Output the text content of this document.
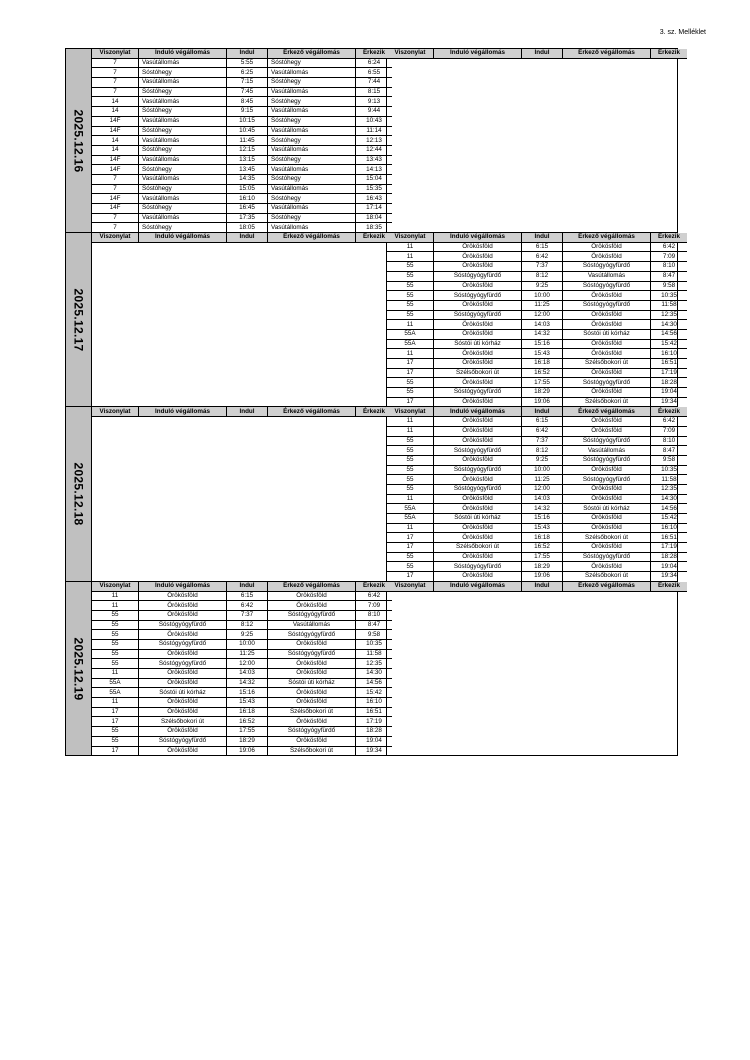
3. sz. Melléklet
2025.12.16
Viszonylat	Induló végállomás	Indul	Érkező végállomás	Érkezik
7	Vasútállomás	5:55	Sóstóhegy	6:24
7	Sóstóhegy	6:25	Vasútállomás	6:55
7	Vasútállomás	7:15	Sóstóhegy	7:44
7	Sóstóhegy	7:45	Vasútállomás	8:15
14	Vasútállomás	8:45	Sóstóhegy	9:13
14	Sóstóhegy	9:15	Vasútállomás	9:44
14F	Vasútállomás	10:15	Sóstóhegy	10:43
14F	Sóstóhegy	10:45	Vasútállomás	11:14
14	Vasútállomás	11:45	Sóstóhegy	12:13
14	Sóstóhegy	12:15	Vasútállomás	12:44
14F	Vasútállomás	13:15	Sóstóhegy	13:43
14F	Sóstóhegy	13:45	Vasútállomás	14:13
7	Vasútállomás	14:35	Sóstóhegy	15:04
7	Sóstóhegy	15:05	Vasútállomás	15:35
14F	Vasútállomás	16:10	Sóstóhegy	16:43
14F	Sóstóhegy	16:45	Vasútállomás	17:14
7	Vasútállomás	17:35	Sóstóhegy	18:04
7	Sóstóhegy	18:05	Vasútállomás	18:35
Viszonylat	Induló végállomás	Indul	Érkező végállomás	Érkezik
2025.12.17
Viszonylat	Induló végállomás	Indul	Érkező végállomás	Érkezik Viszonylat	Induló végállomás	Indul	Érkező végállomás	Érkezik
11	Örökösföld	6:15	Örökösföld	6:42
11	Örökösföld	6:42	Örökösföld	7:09
55	Örökösföld	7:37	Sóstógyógyfürdő	8:10
55	Sóstógyógyfürdő	8:12	Vasútállomás	8:47
55	Örökösföld	9:25	Sóstógyógyfürdő	9:58
55	Sóstógyógyfürdő	10:00	Örökösföld	10:35
55	Örökösföld	11:25	Sóstógyógyfürdő	11:58
55	Sóstógyógyfürdő	12:00	Örökösföld	12:35
11	Örökösföld	14:03	Örökösföld	14:30
55A	Örökösföld	14:32	Sóstói úti kórház	14:56
55A	Sóstói úti kórház	15:16	Örökösföld	15:42
11	Örökösföld	15:43	Örökösföld	16:10
17	Örökösföld	16:18	Szélsőbokori út	16:51
17	Szélsőbokori út	16:52	Örökösföld	17:19
55	Örökösföld	17:55	Sóstógyógyfürdő	18:28
55	Sóstógyógyfürdő	18:29	Örökösföld	19:04
17	Örökösföld	19:06	Szélsőbokori út	19:34
2025.12.18
Viszonylat	Induló végállomás	Indul	Érkező végállomás	Érkezik Viszonylat	Induló végállomás	Indul	Érkező végállomás	Érkezik
11	Örökösföld	6:15	Örökösföld	6:42
11	Örökösföld	6:42	Örökösföld	7:09
55	Örökösföld	7:37	Sóstógyógyfürdő	8:10
55	Sóstógyógyfürdő	8:12	Vasútállomás	8:47
55	Örökösföld	9:25	Sóstógyógyfürdő	9:58
55	Sóstógyógyfürdő	10:00	Örökösföld	10:35
55	Örökösföld	11:25	Sóstógyógyfürdő	11:58
55	Sóstógyógyfürdő	12:00	Örökösföld	12:35
11	Örökösföld	14:03	Örökösföld	14:30
55A	Örökösföld	14:32	Sóstói úti kórház	14:56
55A	Sóstói úti kórház	15:16	Örökösföld	15:42
11	Örökösföld	15:43	Örökösföld	16:10
17	Örökösföld	16:18	Szélsőbokori út	16:51
17	Szélsőbokori út	16:52	Örökösföld	17:19
55	Örökösföld	17:55	Sóstógyógyfürdő	18:28
55	Sóstógyógyfürdő	18:29	Örökösföld	19:04
17	Örökösföld	19:06	Szélsőbokori út	19:34
2025.12.19
Viszonylat	Induló végállomás	Indul	Érkező végállomás	Érkezik
11	Örökösföld	6:15	Örökösföld	6:42
11	Örökösföld	6:42	Örökösföld	7:09
55	Örökösföld	7:37	Sóstógyógyfürdő	8:10
55	Sóstógyógyfürdő	8:12	Vasútállomás	8:47
55	Örökösföld	9:25	Sóstógyógyfürdő	9:58
55	Sóstógyógyfürdő	10:00	Örökösföld	10:35
55	Örökösföld	11:25	Sóstógyógyfürdő	11:58
55	Sóstógyógyfürdő	12:00	Örökösföld	12:35
11	Örökösföld	14:03	Örökösföld	14:30
55A	Örökösföld	14:32	Sóstói úti kórház	14:56
55A	Sóstói úti kórház	15:16	Örökösföld	15:42
11	Örökösföld	15:43	Örökösföld	16:10
17	Örökösföld	16:18	Szélsőbokori út	16:51
17	Szélsőbokori út	16:52	Örökösföld	17:19
55	Örökösföld	17:55	Sóstógyógyfürdő	18:28
55	Sóstógyógyfürdő	18:29	Örökösföld	19:04
17	Örökösföld	19:06	Szélsőbokori út	19:34
Viszonylat	Induló végállomás	Indul	Érkező végállomás	Érkezik
